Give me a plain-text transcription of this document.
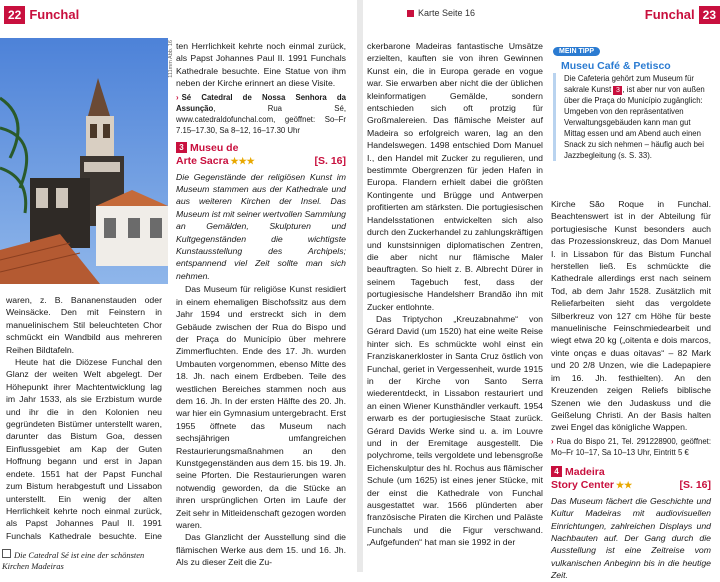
22 Funchal
111mm Abb. 16

waren, z. B. Bananenstauden oder Weinsäcke. Den mit Feinstern in manuelinischem Stil beleuchteten Chor schmückt ein Wandbild aus mehreren Reihen Bildtafeln.

Heute hat die Diözese Funchal den Glanz der weiten Welt abgelegt. Der Höhepunkt ihrer Machtentwicklung lag im Jahr 1533, als sie Erzbistum wurde und ihr die in den Kolonien neu gegründeten Bistümer unterstellt waren, darunter das Bistum Goa, dessen Einflussgebiet am Kap der Guten Hoffnung begann und erst in Japan endete. 1551 hat der Papst Funchal zum Bistum herabgestuft und Lissabon unterstellt. Ein wenig der alten Herrlichkeit kehrte noch einmal zurück, als Papst Johannes Paul II. 1991 Funchals Kathedrale besuchte. Eine

Die Catedral Sé ist eine der schönsten Kirchen Madeiras

ten Herrlichkeit kehrte noch einmal zurück, als Papst Johannes Paul II. 1991 Funchals Kathedrale besuchte. Eine Statue von ihm neben der Kirche erinnert an diese Visite.

› Sé Catedral de Nossa Senhora da Assunção, Rua Sé, www.catedraldofunchal.com, geöffnet: So–Fr 7.15–17.30, Sa 8–12, 16–17.30 Uhr

3 Museu de
Arte Sacra ★★★	[S. 16]

Die Gegenstände der religiösen Kunst im Museum stammen aus der Kathedrale und aus weiteren Kirchen der Insel. Das Museum ist mit seiner wertvollen Sammlung an Gemälden, Skulpturen und Kultgegenständen die wichtigste Kunstausstellung des Archipels; entspannend viel Zeit sollte man sich nehmen.

Das Museum für religiöse Kunst residiert in einem ehemaligen Bischofssitz aus dem Jahr 1594 und erstreckt sich in dem Gebäude zwischen der Rua do Bispo und der Praça do Município über mehrere Zimmerfluchten. Ende des 17. Jh. wurden Umbauten vorgenommen, ebenso Mitte des 18. Jh. nach einem Erdbeben. Teile des westlichen Bereiches stammen noch aus dem 16. Jh. In der ersten Hälfte des 20. Jh. war hier ein Gymnasium untergebracht. Erst 1955 öffnete das Museum nach sechsjährigen umfangreichen Restaurierungsmaßnahmen an den Kunstgegenständen aus dem 15. bis 19. Jh. seine Pforten. Die Restaurierungen waren notwendig geworden, da die Stücke an ihren ursprünglichen Orten im Laufe der Zeit sehr in Mitleidenschaft gezogen worden waren.

Das Glanzlicht der Ausstellung sind die flämischen Werke aus dem 15. und 16. Jh. Als zu dieser Zeit die Zu-

Karte Seite 16	Funchal 23

ckerbarone Madeiras fantastische Umsätze erzielten, kauften sie von ihren Gewinnen Kunst ein, die in Europa gerade en vogue war. Sie erwarben aber nicht die der üblichen kleinformatigen Gemälde, sondern entschieden sich oft protzig für Großmalereien. Das flämische Meister auf Madeira so erfolgreich waren, lag an den Handelswegen. 1498 entschied Dom Manuel I., den Handel mit Zucker zu regulieren, und bestimmte Obergrenzen für jeden Hafen in Europa. Flandern erhielt dabei die größten Kontingente und Brügge und Antwerpen profitierten am stärksten. Die portugiesischen Handelsstationen entwickelten sich also durch den Zuckerhandel zu zahlungskräftigen und kunstsinnigen diplomatischen Zentren, die aber nicht nur flämische Maler beauftragten. So hielt z. B. Albrecht Dürer in seinem Tagebuch fest, dass der portugiesische Handelsherr Brandão ihn mit Zucker entlohnte.

Das Triptychon „Kreuzabnahme“ von Gérard David (um 1520) hat eine weite Reise hinter sich. Es schmückte wohl einst ein Franziskanerkloster in Santa Cruz östlich von Funchal, geriet in Vergessenheit, wurde 1915 in der Kirche von Santo Serra wiederentdeckt, in Lissabon restauriert und an einen Wiener Kunsthändler verkauft. 1954 erwarb es der portugiesische Staat zurück. Gérard Davids Werke sind u. a. im Louvre und in der Eremitage ausgestellt. Die polychrome, teils vergoldete und lebensgroße Eichenskulptur des hl. Rochus aus flämischer Schule (um 1625) ist eines jener Stücke, mit der einst die Kathedrale von Funchal ausgestattet war. 1566 plünderten aber französische Piraten die Kirchen und Paläste Funchals und die Figur verschwand. „Aufgefunden“ hat man sie 1992 in der

MEIN TIPP
Museu Café & Petisco
Die Cafeteria gehört zum Museum für sakrale Kunst 3 , ist aber nur von außen über die Praça do Município zugänglich: Umgeben von den repräsentativen Verwaltungsgebäuden kann man gut Mittag essen und am Abend auch einen Snack zu sich nehmen – häufig auch bei Jazzbegleitung (s. S. 33).

Kirche São Roque in Funchal. Beachtenswert ist in der Abteilung für portugiesische Kunst besonders auch das Prozessionskreuz, das Dom Manuel I. in Lissabon für das Bistum Funchal herstellen ließ. Es schmückte die Kathedrale allerdings erst nach seinem Tod, ab dem Jahr 1528. Zusätzlich mit Reliefarbeiten sieht das vergoldete Silberkreuz von 127 cm Höhe für beste manuelinische Feinschmiedearbeit und wiegt etwa 20 kg („oitenta e dois marcos, vinte onças e duas oitavas“ – 82 Mark und 20 2/8 Unzen, wie die Ladepapiere im 16. Jh. festhielten). An den Kreuzenden zeigen Reliefs biblische Szenen wie den Judaskuss und die Geißelung Christi. An der Basis halten zwei Engel das königliche Wappen.

› Rua do Bispo 21, Tel. 291228900, geöffnet: Mo–Fr 10–17, Sa 10–13 Uhr, Eintritt 5 €

4 Madeira
Story Center ★★	[S. 16]

Das Museum fächert die Geschichte und Kultur Madeiras mit audiovisuellen Einrichtungen, zahlreichen Displays und Nachbauten auf. Der Gang durch die Ausstellung ist eine Zeitreise vom vulkanischen Anbeginn bis in die heutige Zeit.
